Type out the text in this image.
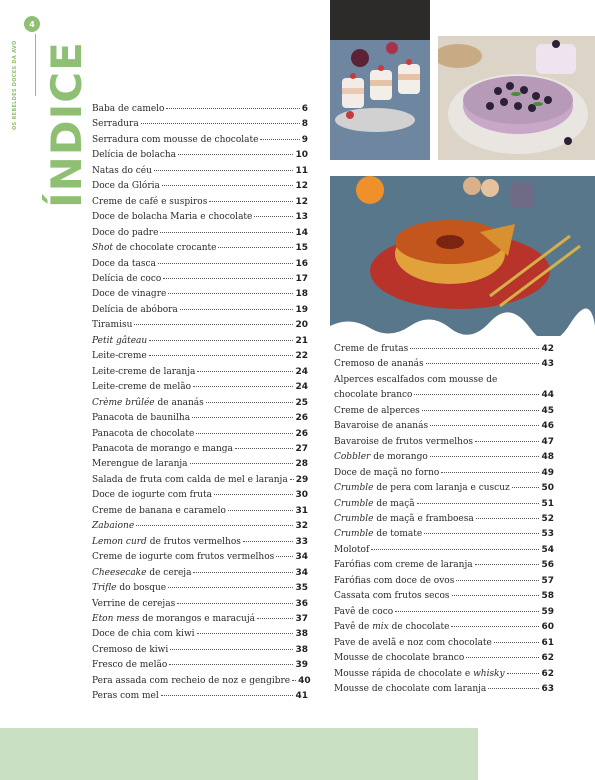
4
OS REBELDES DOCES DA AVÓ ÍNDICE Baba de camelo	6
Serradura	8
Serradura com mousse de chocolate	9
Delícia de bolacha	10
Natas do céu	11
Doce da Glória	12
Creme de café e suspiros	12
Doce de bolacha Maria e chocolate	13
Doce do padre	14
Shot de chocolate crocante	15
Doce da tasca	16
Delícia de coco	17
Doce de vinagre	18
Delícia de abóbora	19
Tiramisu	20
Petit gâteau	21
Leite-creme	22
Leite-creme de laranja	24
Leite-creme de melão	24
Crème brûlée de ananás	25
Panacota de baunilha	26
Panacota de chocolate	26
Panacota de morango e manga	27
Merengue de laranja	28
Salada de fruta com calda de mel e laranja 29
Doce de iogurte com fruta	30
Creme de banana e caramelo	31
Zabaione	32
Lemon curd de frutos vermelhos	33
Creme de iogurte com frutos vermelhos 34
Cheesecake de cereja	34
Trifle do bosque	35
Verrine de cerejas	36
Eton mess de morangos e maracujá	37
Doce de chia com kiwi	38
Cremoso de kiwi	38
Fresco de melão	39
Pera assada com recheio de noz e gengibre 40
Peras com mel	41
Creme de frutas	42
Cremoso de ananás	43
Alperces escalfados com mousse de
chocolate branco	44
Creme de alperces	45
Bavaroise de ananás	46
Bavaroise de frutos vermelhos	47
Cobbler de morango	48
Doce de maçã no forno	49
Crumble de pera com laranja e cuscuz	50
Crumble de maçã	51
Crumble de maçã e framboesa	52
Crumble de tomate	53
Molotof	54
Farófias com creme de laranja	56
Farófias com doce de ovos	57
Cassata com frutos secos	58
Pavê de coco	59
Pavê de mix de chocolate	60
Pave de avelã e noz com chocolate	61
Mousse de chocolate branco	62
Mousse rápida de chocolate e whisky	62
Mousse de chocolate com laranja	63
